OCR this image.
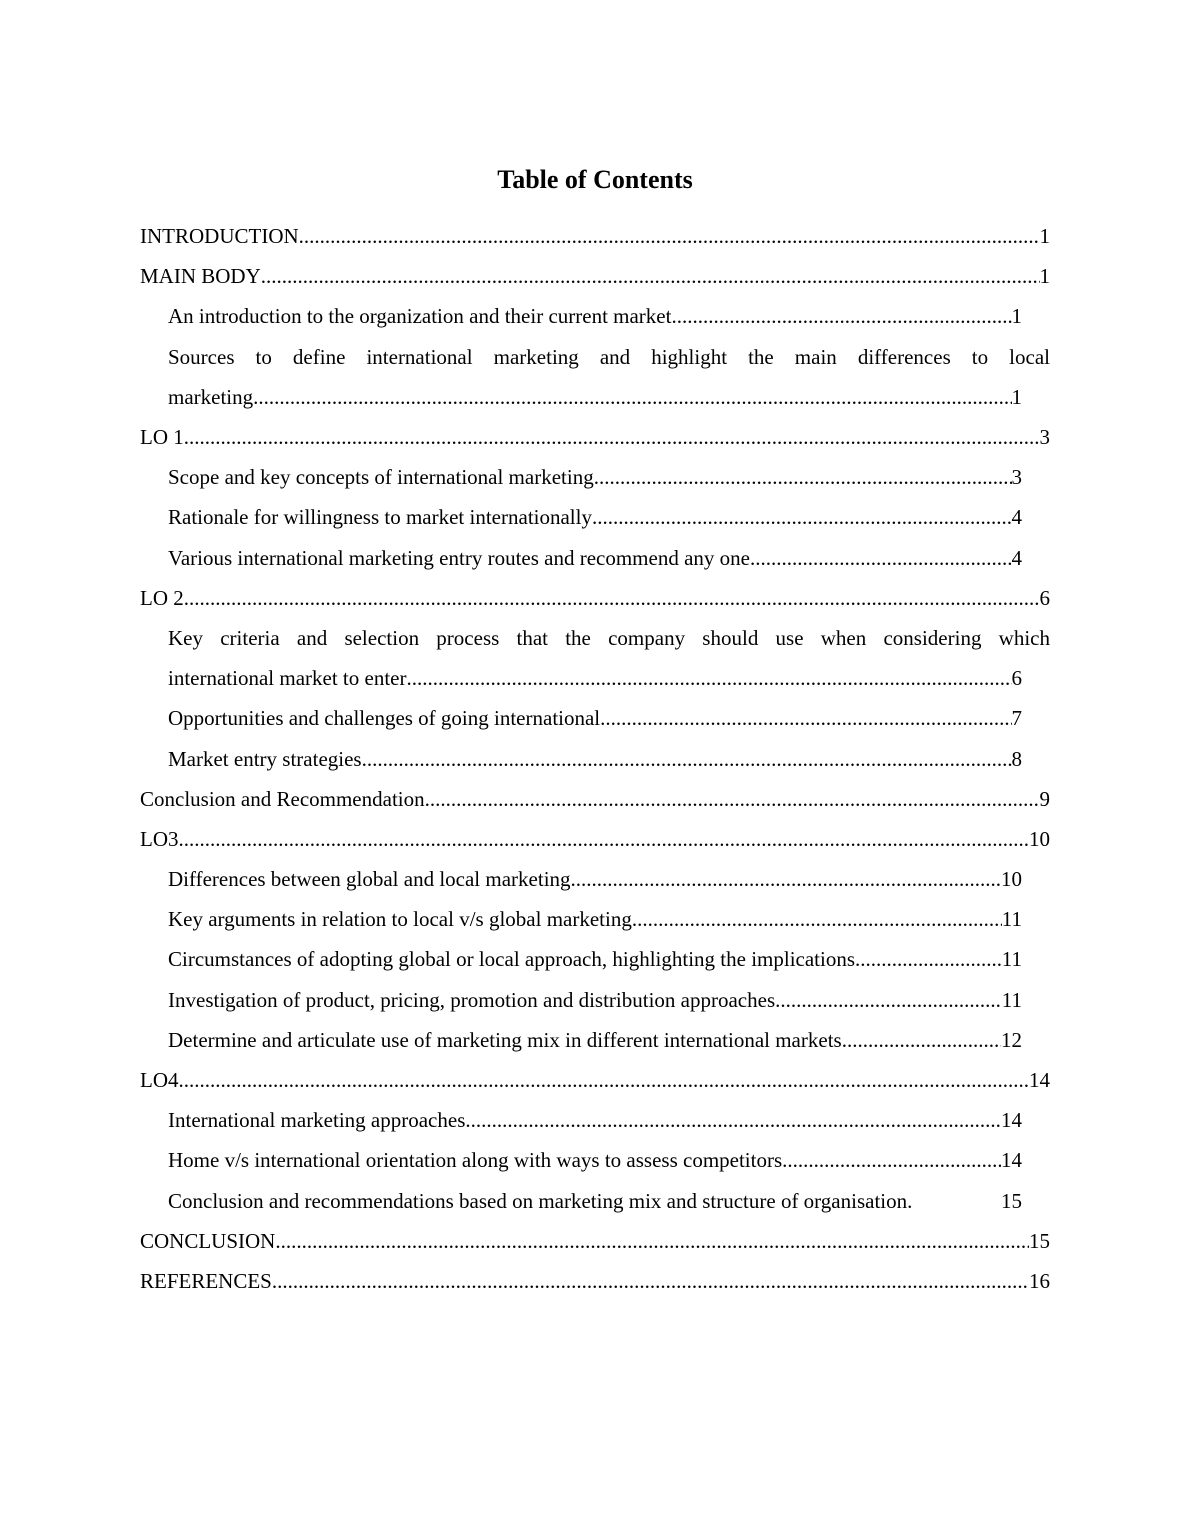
Table of Contents
INTRODUCTION .....	1
MAIN BODY .....	1
An introduction to the organization and their current market .....	1
Sources to define international marketing and highlight the main differences to local
marketing .....	1
LO 1 .....	3
Scope and key concepts of international marketing .....	3
Rationale for willingness to market internationally .....	4
Various international marketing entry routes and recommend any one .....	4
LO 2 .....	6
Key criteria and selection process that the company should use when considering which
international market to enter .....	6
Opportunities and challenges of going international .....	7
Market entry strategies .....	8
Conclusion and Recommendation .....	9
LO3 .....	10
Differences between global and local marketing .....	10
Key arguments in relation to local v/s global marketing .....	11
Circumstances of adopting global or local approach, highlighting the implications .....	11
Investigation of product, pricing, promotion and distribution approaches .....	11
Determine and articulate use of marketing mix in different international markets .....	12
LO4 .....	14
International marketing approaches .....	14
Home v/s international orientation along with ways to assess competitors .....	14
Conclusion and recommendations based on marketing mix and structure of organisation.	15
CONCLUSION .....	15
REFERENCES .....	16
